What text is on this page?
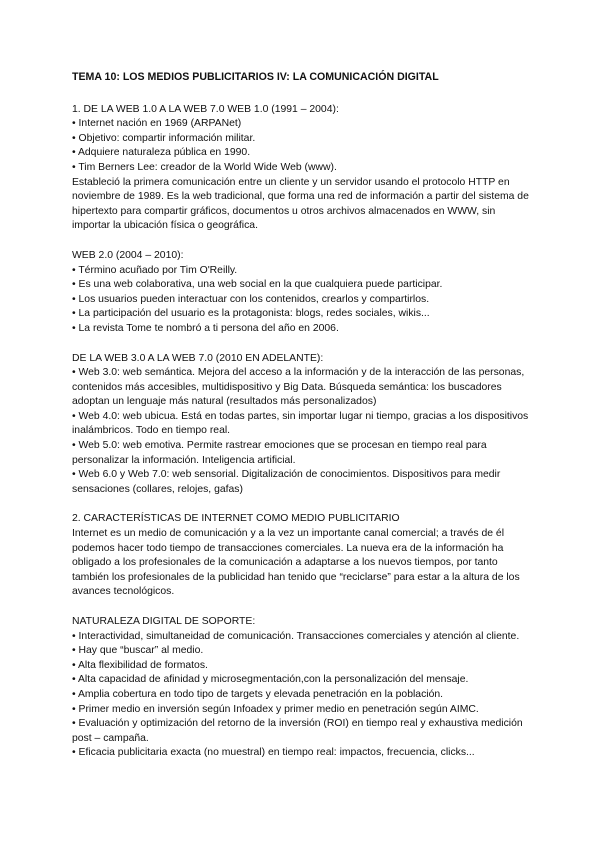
TEMA 10: LOS MEDIOS PUBLICITARIOS IV: LA COMUNICACIÓN DIGITAL

1. DE LA WEB 1.0 A LA WEB 7.0 WEB 1.0 (1991 – 2004):

• Internet nación en 1969 (ARPANet)

• Objetivo: compartir información militar.

• Adquiere naturaleza pública en 1990.

• Tim Berners Lee: creador de la World Wide Web (www).

Estableció la primera comunicación entre un cliente y un servidor usando el protocolo HTTP en noviembre de 1989. Es la web tradicional, que forma una red de información a partir del sistema de hipertexto para compartir gráficos, documentos u otros archivos almacenados en WWW, sin importar la ubicación física o geográfica.

WEB 2.0 (2004 – 2010):

• Término acuñado por Tim O'Reilly.

• Es una web colaborativa, una web social en la que cualquiera puede participar.

• Los usuarios pueden interactuar con los contenidos, crearlos y compartirlos.

• La participación del usuario es la protagonista: blogs, redes sociales, wikis...

• La revista Tome te nombró a ti persona del año en 2006.

DE LA WEB 3.0 A LA WEB 7.0 (2010 EN ADELANTE):

• Web 3.0: web semántica. Mejora del acceso a la información y de la interacción de las personas, contenidos más accesibles, multidispositivo y Big Data. Búsqueda semántica: los buscadores adoptan un lenguaje más natural (resultados más personalizados)

• Web 4.0: web ubicua. Está en todas partes, sin importar lugar ni tiempo, gracias a los dispositivos inalámbricos. Todo en tiempo real.

• Web 5.0: web emotiva. Permite rastrear emociones que se procesan en tiempo real para personalizar la información. Inteligencia artificial.

• Web 6.0 y Web 7.0: web sensorial. Digitalización de conocimientos. Dispositivos para medir sensaciones (collares, relojes, gafas)

2. CARACTERÍSTICAS DE INTERNET COMO MEDIO PUBLICITARIO

Internet es un medio de comunicación y a la vez un importante canal comercial; a través de él podemos hacer todo tiempo de transacciones comerciales. La nueva era de la información ha obligado a los profesionales de la comunicación a adaptarse a los nuevos tiempos, por tanto también los profesionales de la publicidad han tenido que “reciclarse” para estar a la altura de los avances tecnológicos.

NATURALEZA DIGITAL DE SOPORTE:

• Interactividad, simultaneidad de comunicación. Transacciones comerciales y atención al cliente.

• Hay que “buscar” al medio.

• Alta flexibilidad de formatos.

• Alta capacidad de afinidad y microsegmentación,con la personalización del mensaje.

• Amplia cobertura en todo tipo de targets y elevada penetración en la población.

• Primer medio en inversión según Infoadex y primer medio en penetración según AIMC.

• Evaluación y optimización del retorno de la inversión (ROI) en tiempo real y exhaustiva medición post – campaña.

• Eficacia publicitaria exacta (no muestral) en tiempo real: impactos, frecuencia, clicks...
